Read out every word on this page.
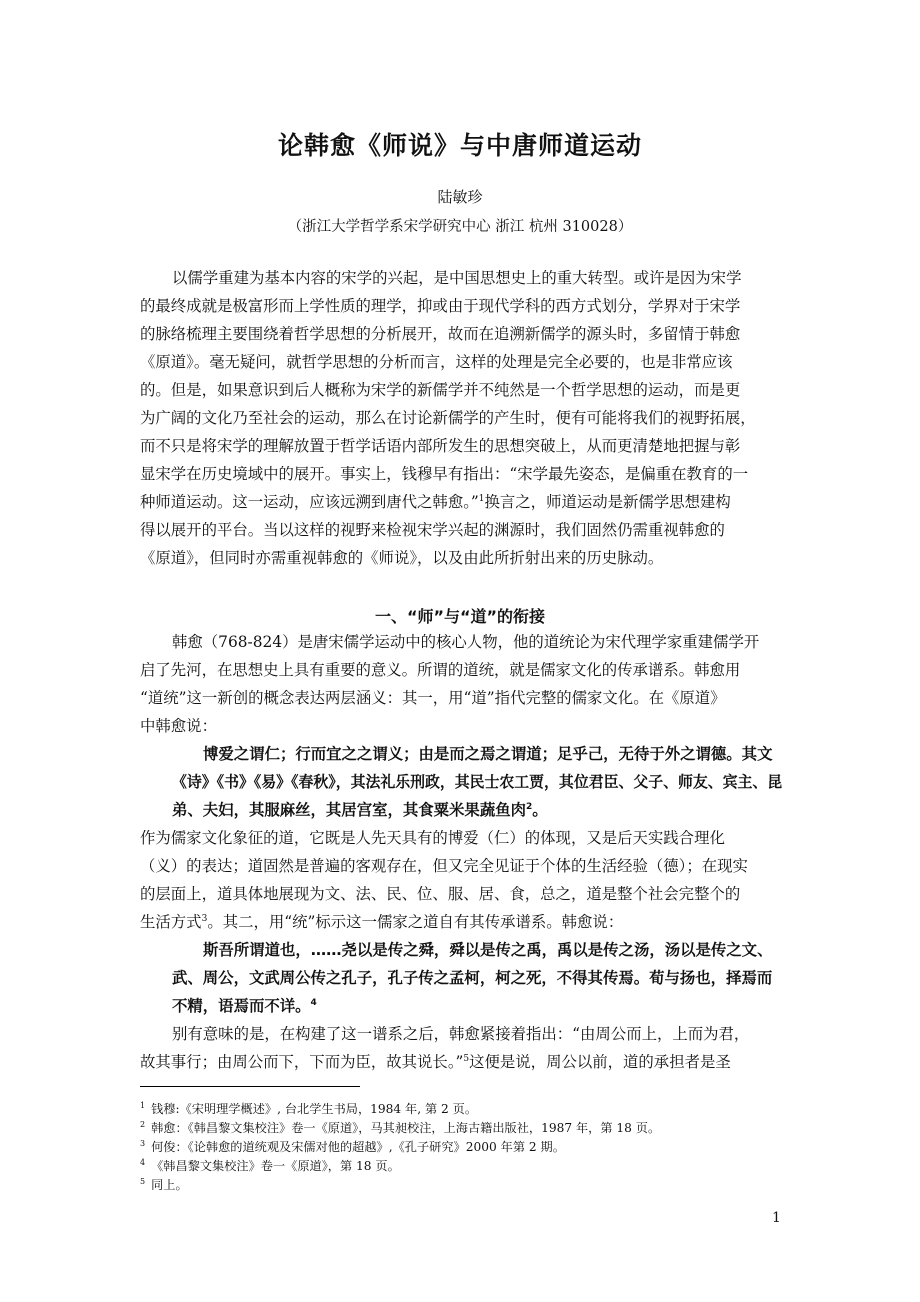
论韩愈《师说》与中唐师道运动
陆敏珍
（浙江大学哲学系宋学研究中心 浙江 杭州 310028）
以儒学重建为基本内容的宋学的兴起，是中国思想史上的重大转型。或许是因为宋学
的最终成就是极富形而上学性质的理学，抑或由于现代学科的西方式划分，学界对于宋学
的脉络梳理主要围绕着哲学思想的分析展开，故而在追溯新儒学的源头时，多留情于韩愈
《原道》。毫无疑问，就哲学思想的分析而言，这样的处理是完全必要的，也是非常应该
的。但是，如果意识到后人概称为宋学的新儒学并不纯然是一个哲学思想的运动，而是更
为广阔的文化乃至社会的运动，那么在讨论新儒学的产生时，便有可能将我们的视野拓展，
而不只是将宋学的理解放置于哲学话语内部所发生的思想突破上，从而更清楚地把握与彰
显宋学在历史境域中的展开。事实上，钱穆早有指出：“宋学最先姿态，是偏重在教育的一
种师道运动。这一运动，应该远溯到唐代之韩愈。”$^1$换言之，师道运动是新儒学思想建构
得以展开的平台。当以这样的视野来检视宋学兴起的渊源时，我们固然仍需重视韩愈的
《原道》，但同时亦需重视韩愈的《师说》，以及由此所折射出来的历史脉动。
一、“师”与“道”的衔接
韩愈（768-824）是唐宋儒学运动中的核心人物，他的道统论为宋代理学家重建儒学开
启了先河，在思想史上具有重要的意义。所谓的道统，就是儒家文化的传承谱系。韩愈用
“道统”这一新创的概念表达两层涵义：其一，用“道”指代完整的儒家文化。在《原道》
中韩愈说：
博爱之谓仁；行而宜之之谓义；由是而之焉之谓道；足乎己，无待于外之谓德。其文
《诗》《书》《易》《春秋》，其法礼乐刑政，其民士农工贾，其位君臣、父子、师友、宾主、昆
弟、夫妇，其服麻丝，其居宫室，其食粟米果蔬鱼肉$^2$。
作为儒家文化象征的道，它既是人先天具有的博爱（仁）的体现，又是后天实践合理化
（义）的表达；道固然是普遍的客观存在，但又完全见证于个体的生活经验（德）；在现实
的层面上，道具体地展现为文、法、民、位、服、居、食，总之，道是整个社会完整个的
生活方式$^3$。其二，用“统”标示这一儒家之道自有其传承谱系。韩愈说：
斯吾所谓道也，……尧以是传之舜，舜以是传之禹，禹以是传之汤，汤以是传之文、
武、周公，文武周公传之孔子，孔子传之孟柯，柯之死，不得其传焉。荀与扬也，择焉而
不精，语焉而不详。$^4$
别有意味的是，在构建了这一谱系之后，韩愈紧接着指出：“由周公而上，上而为君，
故其事行；由周公而下，下而为臣，故其说长。”$^5$这便是说，周公以前，道的承担者是圣
$^1$ 钱穆:《宋明理学概述》, 台北学生书局，1984 年, 第 2 页。
$^2$ 韩愈：《韩昌黎文集校注》卷一《原道》，马其昶校注，上海古籍出版社，1987 年，第 18 页。
$^3$ 何俊：《论韩愈的道统观及宋儒对他的超越》,《孔子研究》2000 年第 2 期。
$^4$ 《韩昌黎文集校注》卷一《原道》，第 18 页。
$^5$ 同上。
1
